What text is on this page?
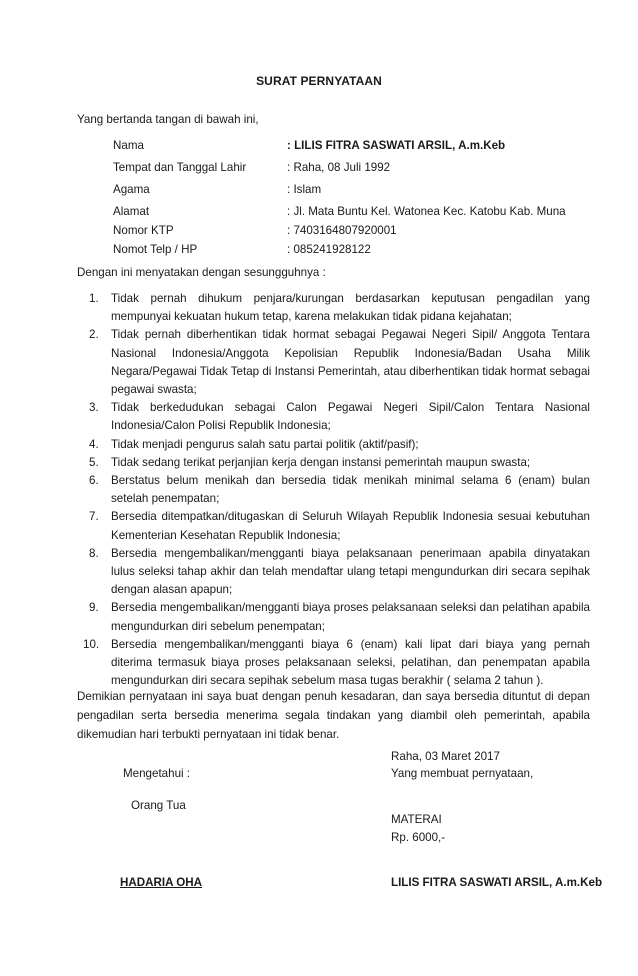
SURAT PERNYATAAN
Yang bertanda tangan di bawah ini,
Nama	: LILIS FITRA SASWATI ARSIL, A.m.Keb
Tempat dan Tanggal Lahir	: Raha, 08 Juli 1992
Agama	: Islam
Alamat	: Jl. Mata Buntu Kel. Watonea Kec. Katobu Kab. Muna
Nomor KTP	: 7403164807920001
Nomot Telp / HP	: 085241928122
Dengan ini menyatakan dengan sesungguhnya :
1. Tidak pernah dihukum penjara/kurungan berdasarkan keputusan pengadilan yang mempunyai kekuatan hukum tetap, karena melakukan tidak pidana kejahatan;
2. Tidak pernah diberhentikan tidak hormat sebagai Pegawai Negeri Sipil/ Anggota Tentara Nasional Indonesia/Anggota Kepolisian Republik Indonesia/Badan Usaha Milik Negara/Pegawai Tidak Tetap di Instansi Pemerintah, atau diberhentikan tidak hormat sebagai pegawai swasta;
3. Tidak berkedudukan sebagai Calon Pegawai Negeri Sipil/Calon Tentara Nasional Indonesia/Calon Polisi Republik Indonesia;
4. Tidak menjadi pengurus salah satu partai politik (aktif/pasif);
5. Tidak sedang terikat perjanjian kerja dengan instansi pemerintah maupun swasta;
6. Berstatus belum menikah dan bersedia tidak menikah minimal selama 6 (enam) bulan setelah penempatan;
7. Bersedia ditempatkan/ditugaskan di Seluruh Wilayah Republik Indonesia sesuai kebutuhan Kementerian Kesehatan Republik Indonesia;
8. Bersedia mengembalikan/mengganti biaya pelaksanaan penerimaan apabila dinyatakan lulus seleksi tahap akhir dan telah mendaftar ulang tetapi mengundurkan diri secara sepihak dengan alasan apapun;
9. Bersedia mengembalikan/mengganti biaya proses pelaksanaan seleksi dan pelatihan apabila mengundurkan diri sebelum penempatan;
10. Bersedia mengembalikan/mengganti biaya 6 (enam) kali lipat dari biaya yang pernah diterima termasuk biaya proses pelaksanaan seleksi, pelatihan, dan penempatan apabila mengundurkan diri secara sepihak sebelum masa tugas berakhir ( selama 2 tahun ).
Demikian pernyataan ini saya buat dengan penuh kesadaran, dan saya bersedia dituntut di depan pengadilan serta bersedia menerima segala tindakan yang diambil oleh pemerintah, apabila dikemudian hari terbukti pernyataan ini tidak benar.
Raha, 03 Maret 2017
Mengetahui :	Yang membuat pernyataan,
Orang Tua
MATERAI
Rp. 6000,-
HADARIA OHA	LILIS FITRA SASWATI ARSIL, A.m.Keb
